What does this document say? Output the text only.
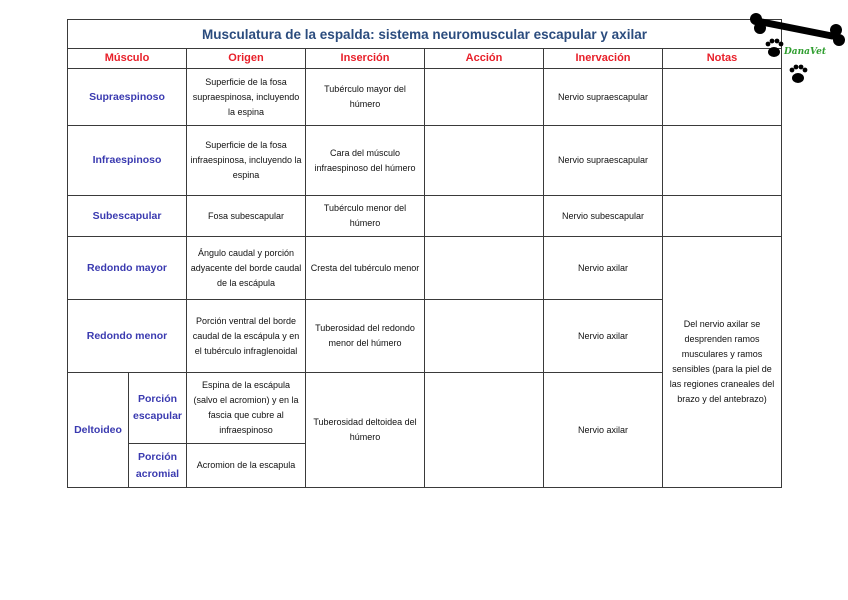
Musculatura de la espalda: sistema neuromuscular escapular y axilar						
Músculo		Origen	Inserción	Acción	Inervación	Notas
Supraespinoso		Superficie de la fosa supraespinosa, incluyendo la espina	Tubérculo mayor del húmero		Nervio supraescapular	
Infraespinoso		Superficie de la fosa infraespinosa, incluyendo la espina	Cara del músculo infraespinoso del húmero		Nervio supraescapular	
Subescapular		Fosa subescapular	Tubérculo menor del húmero		Nervio subescapular	
Redondo mayor		Ángulo caudal y porción adyacente del borde caudal de la escápula	Cresta del tubérculo menor		Nervio axilar	Del nervio axilar se desprenden ramos musculares y ramos sensibles (para la piel de las regiones craneales del brazo y del antebrazo)
Redondo menor		Porción ventral del borde caudal de la escápula y en el tubérculo infraglenoidal	Tuberosidad del redondo menor del húmero		Nervio axilar	
Deltoideo	Porción escapular	Espina de la escápula (salvo el acromion) y en la fascia que cubre al infraespinoso	Tuberosidad deltoidea del húmero		Nervio axilar	
	Porción acromial	Acromion de la escapula				
DanaVet
